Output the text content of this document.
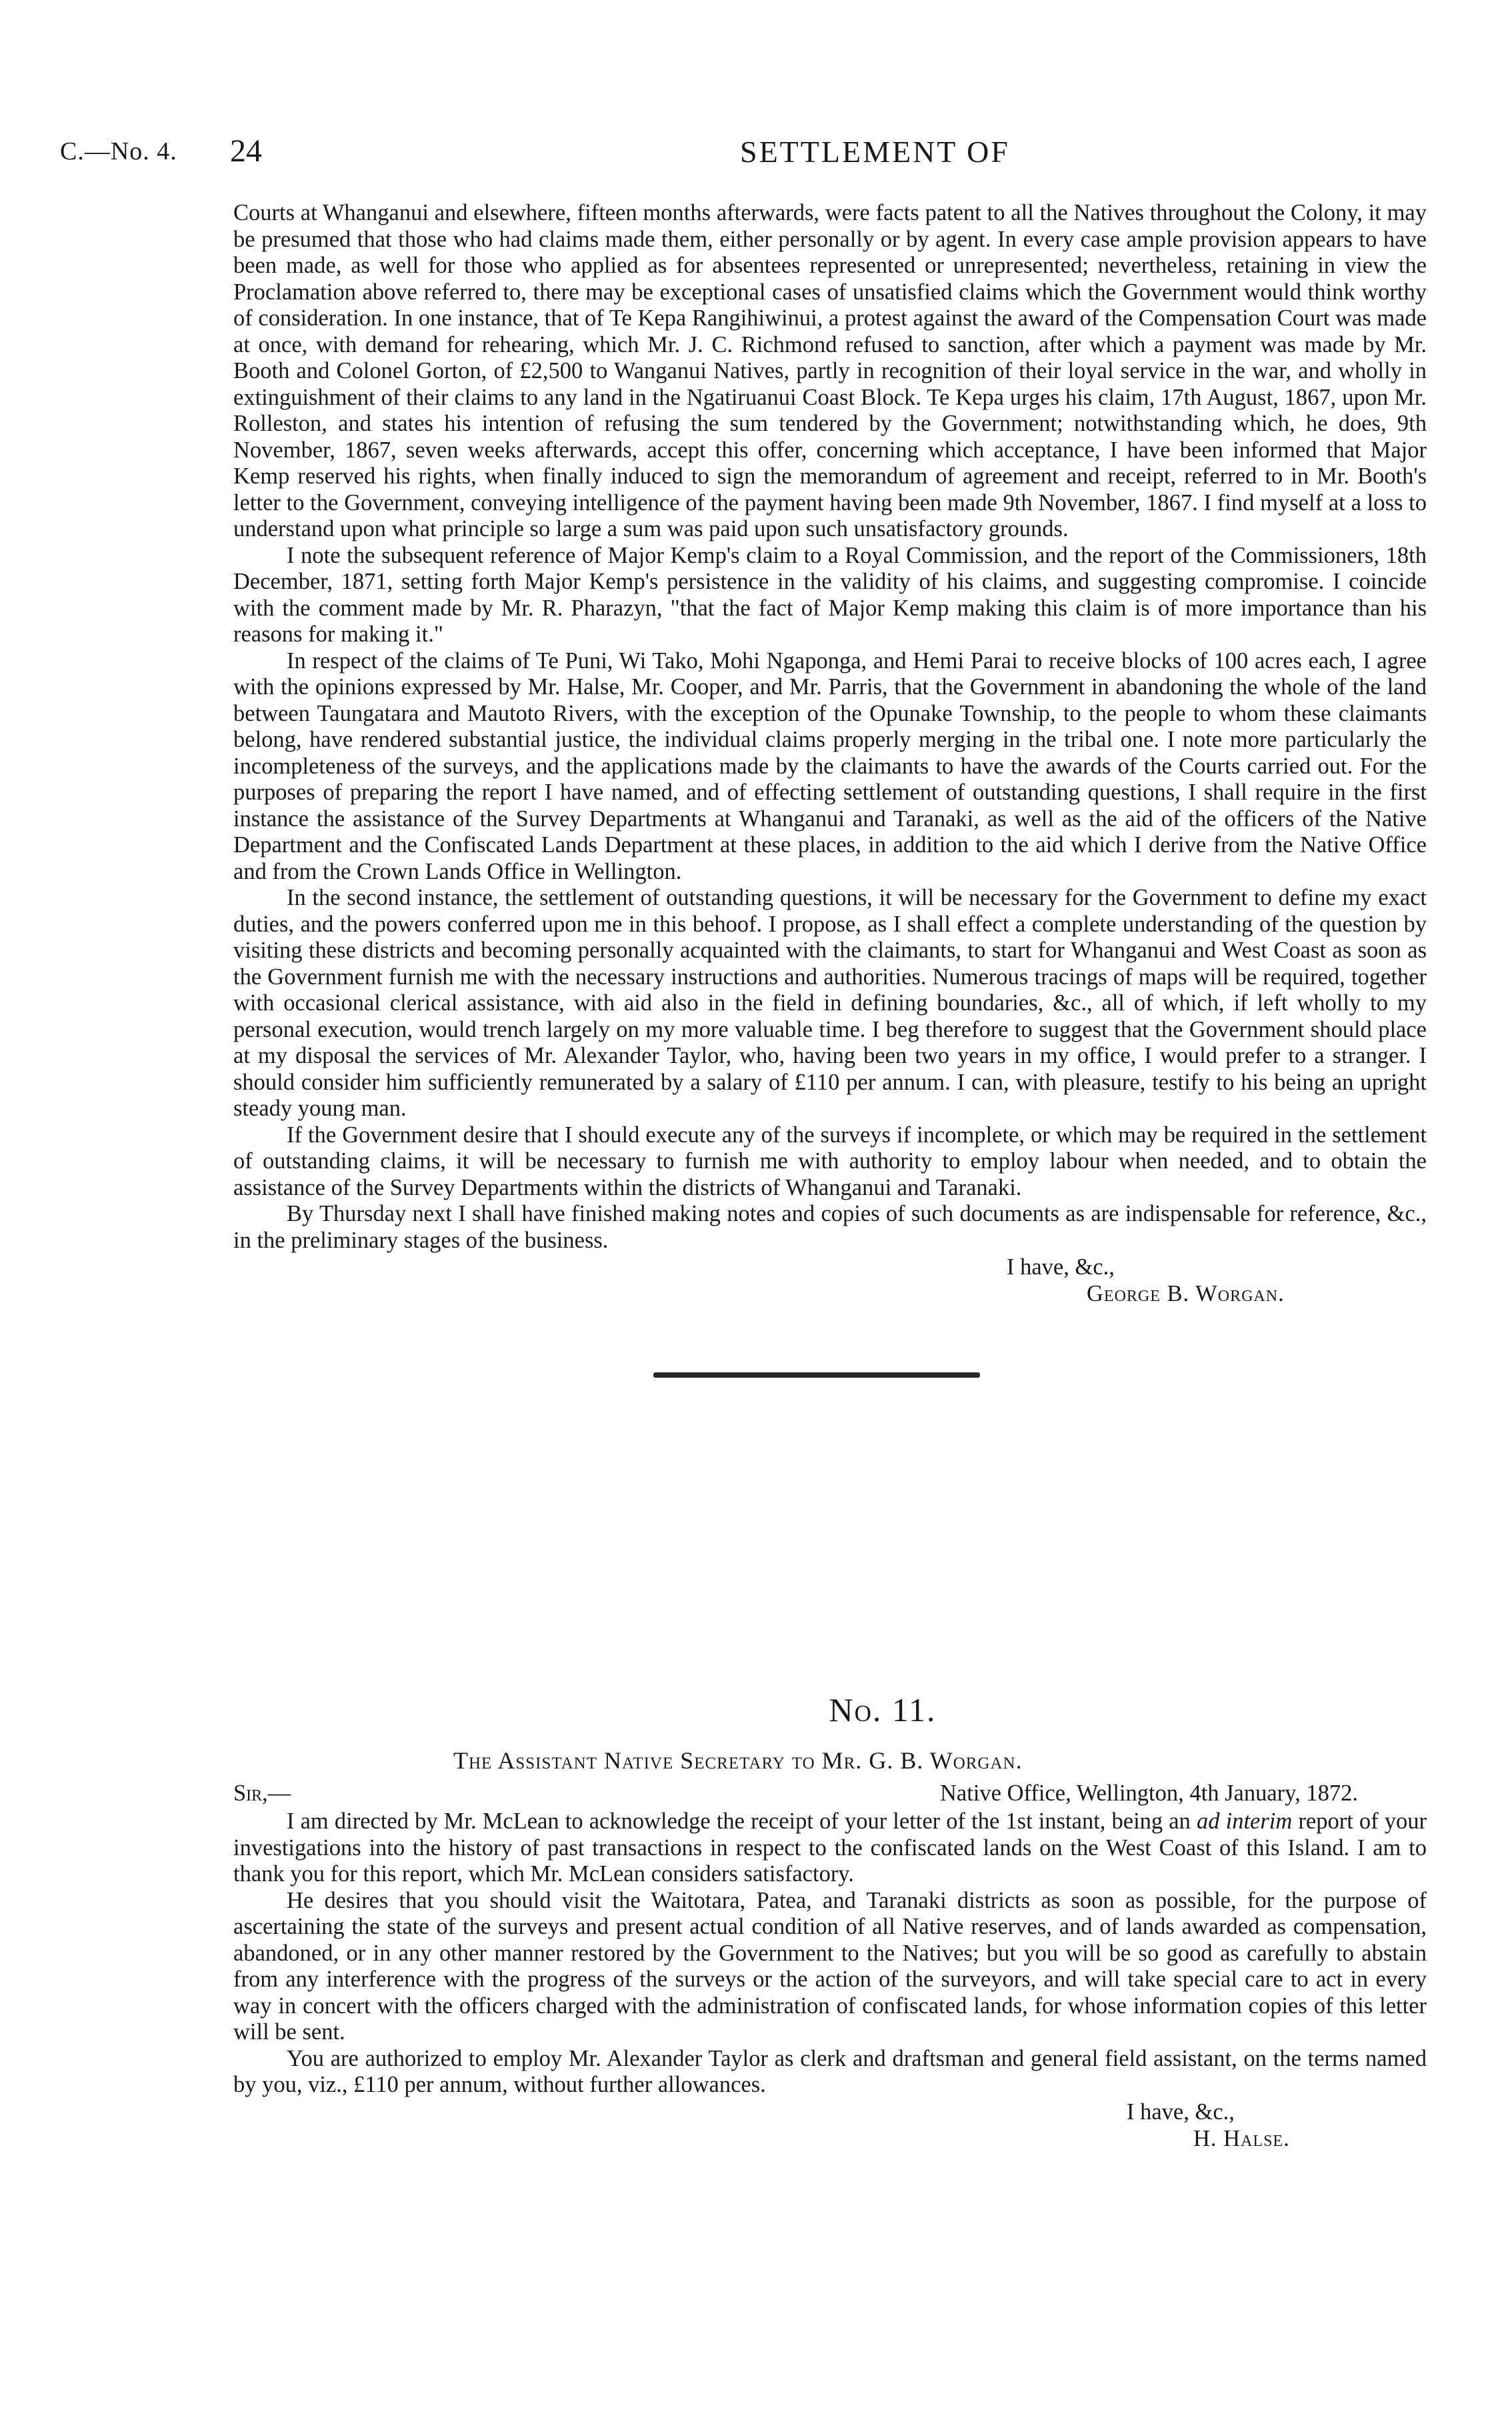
C.—No. 4. 24	SETTLEMENT OF

Courts at Whanganui and elsewhere, fifteen months afterwards, were facts patent to all the Natives throughout the Colony, it may be presumed that those who had claims made them, either personally or by agent. In every case ample provision appears to have been made, as well for those who applied as for absentees represented or unrepresented; nevertheless, retaining in view the Proclamation above referred to, there may be exceptional cases of unsatisfied claims which the Government would think worthy of consideration. In one instance, that of Te Kepa Rangihiwinui, a protest against the award of the Compensation Court was made at once, with demand for rehearing, which Mr. J. C. Richmond refused to sanction, after which a payment was made by Mr. Booth and Colonel Gorton, of £2,500 to Wanganui Natives, partly in recognition of their loyal service in the war, and wholly in extinguishment of their claims to any land in the Ngatiruanui Coast Block. Te Kepa urges his claim, 17th August, 1867, upon Mr. Rolleston, and states his intention of refusing the sum tendered by the Government; notwithstanding which, he does, 9th November, 1867, seven weeks afterwards, accept this offer, concerning which acceptance, I have been informed that Major Kemp reserved his rights, when finally induced to sign the memorandum of agreement and receipt, referred to in Mr. Booth's letter to the Government, conveying intelligence of the payment having been made 9th November, 1867. I find myself at a loss to understand upon what principle so large a sum was paid upon such unsatisfactory grounds.

I note the subsequent reference of Major Kemp's claim to a Royal Commission, and the report of the Commissioners, 18th December, 1871, setting forth Major Kemp's persistence in the validity of his claims, and suggesting compromise. I coincide with the comment made by Mr. R. Pharazyn, "that the fact of Major Kemp making this claim is of more importance than his reasons for making it."

In respect of the claims of Te Puni, Wi Tako, Mohi Ngaponga, and Hemi Parai to receive blocks of 100 acres each, I agree with the opinions expressed by Mr. Halse, Mr. Cooper, and Mr. Parris, that the Government in abandoning the whole of the land between Taungatara and Mautoto Rivers, with the exception of the Opunake Township, to the people to whom these claimants belong, have rendered substantial justice, the individual claims properly merging in the tribal one. I note more particularly the incompleteness of the surveys, and the applications made by the claimants to have the awards of the Courts carried out. For the purposes of preparing the report I have named, and of effecting settlement of outstanding questions, I shall require in the first instance the assistance of the Survey Departments at Whanganui and Taranaki, as well as the aid of the officers of the Native Department and the Confiscated Lands Department at these places, in addition to the aid which I derive from the Native Office and from the Crown Lands Office in Wellington.

In the second instance, the settlement of outstanding questions, it will be necessary for the Government to define my exact duties, and the powers conferred upon me in this behoof. I propose, as I shall effect a complete understanding of the question by visiting these districts and becoming personally acquainted with the claimants, to start for Whanganui and West Coast as soon as the Government furnish me with the necessary instructions and authorities. Numerous tracings of maps will be required, together with occasional clerical assistance, with aid also in the field in defining boundaries, &c., all of which, if left wholly to my personal execution, would trench largely on my more valuable time. I beg therefore to suggest that the Government should place at my disposal the services of Mr. Alexander Taylor, who, having been two years in my office, I would prefer to a stranger. I should consider him sufficiently remunerated by a salary of £110 per annum. I can, with pleasure, testify to his being an upright steady young man.

If the Government desire that I should execute any of the surveys if incomplete, or which may be required in the settlement of outstanding claims, it will be necessary to furnish me with authority to employ labour when needed, and to obtain the assistance of the Survey Departments within the districts of Whanganui and Taranaki.

By Thursday next I shall have finished making notes and copies of such documents as are indispensable for reference, &c., in the preliminary stages of the business.

I have, &c.,

George B. Worgan.

No. 11.
The Assistant Native Secretary to Mr. G. B. Worgan.
Sir,—	Native Office, Wellington, 4th January, 1872.

I am directed by Mr. McLean to acknowledge the receipt of your letter of the 1st instant, being an ad interim report of your investigations into the history of past transactions in respect to the confiscated lands on the West Coast of this Island. I am to thank you for this report, which Mr. McLean considers satisfactory.

He desires that you should visit the Waitotara, Patea, and Taranaki districts as soon as possible, for the purpose of ascertaining the state of the surveys and present actual condition of all Native reserves, and of lands awarded as compensation, abandoned, or in any other manner restored by the Government to the Natives; but you will be so good as carefully to abstain from any interference with the progress of the surveys or the action of the surveyors, and will take special care to act in every way in concert with the officers charged with the administration of confiscated lands, for whose information copies of this letter will be sent.

You are authorized to employ Mr. Alexander Taylor as clerk and draftsman and general field assistant, on the terms named by you, viz., £110 per annum, without further allowances.

I have, &c.,

H. Halse.
